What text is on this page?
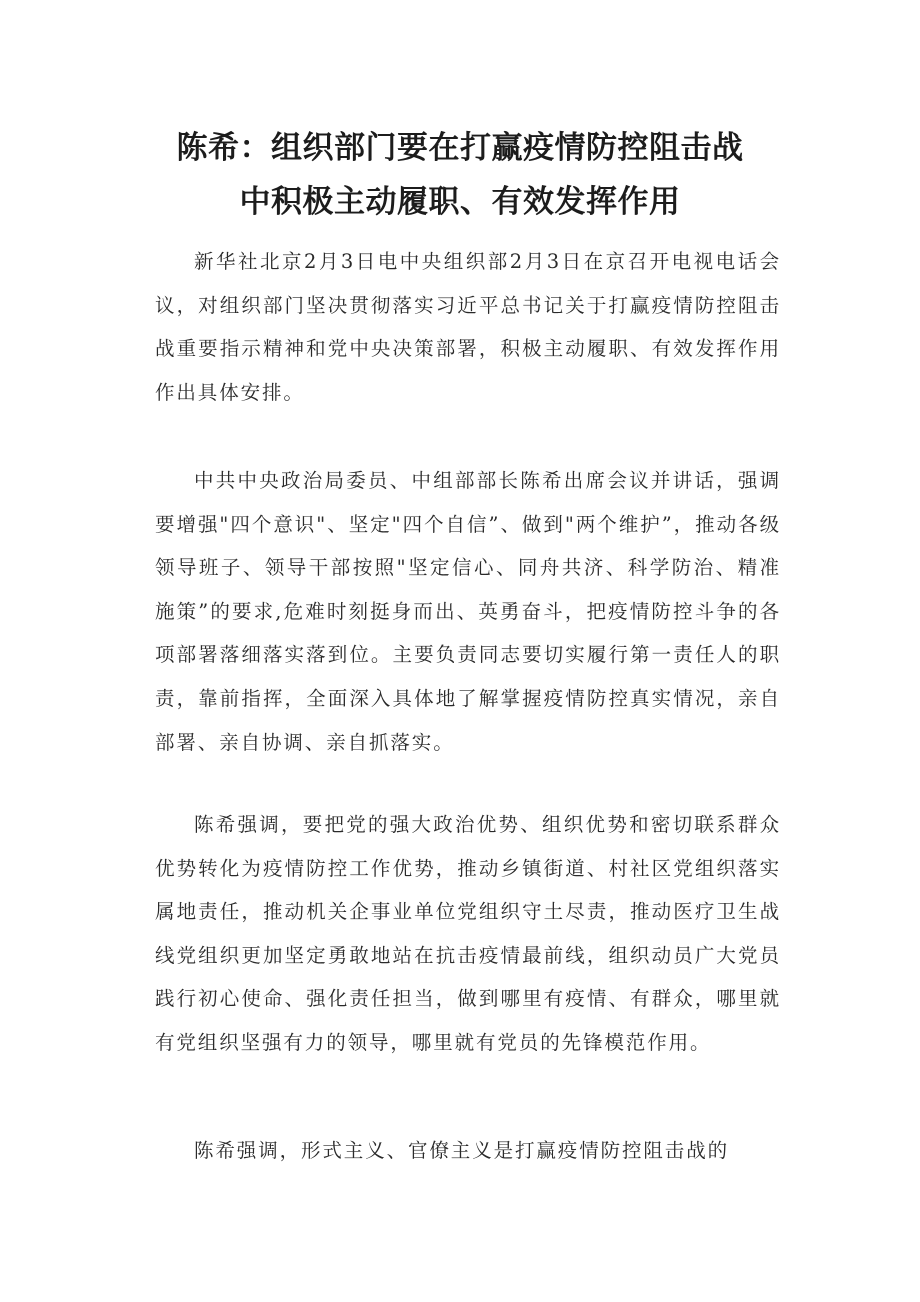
陈希：组织部门要在打赢疫情防控阻击战
中积极主动履职、有效发挥作用

新华社北京2月3日电中央组织部2月3日在京召开电视电话会议，对组织部门坚决贯彻落实习近平总书记关于打赢疫情防控阻击战重要指示精神和党中央决策部署，积极主动履职、有效发挥作用作出具体安排。

中共中央政治局委员、中组部部长陈希出席会议并讲话，强调要增强"四个意识"、坚定"四个自信”、做到"两个维护”，推动各级领导班子、领导干部按照"坚定信心、同舟共济、科学防治、精准施策”的要求,危难时刻挺身而出、英勇奋斗，把疫情防控斗争的各项部署落细落实落到位。主要负责同志要切实履行第一责任人的职责，靠前指挥，全面深入具体地了解掌握疫情防控真实情况，亲自部署、亲自协调、亲自抓落实。

陈希强调，要把党的强大政治优势、组织优势和密切联系群众优势转化为疫情防控工作优势，推动乡镇街道、村社区党组织落实属地责任，推动机关企事业单位党组织守土尽责，推动医疗卫生战线党组织更加坚定勇敢地站在抗击疫情最前线，组织动员广大党员践行初心使命、强化责任担当，做到哪里有疫情、有群众，哪里就有党组织坚强有力的领导，哪里就有党员的先锋模范作用。

陈希强调，形式主义、官僚主义是打赢疫情防控阻击战的
